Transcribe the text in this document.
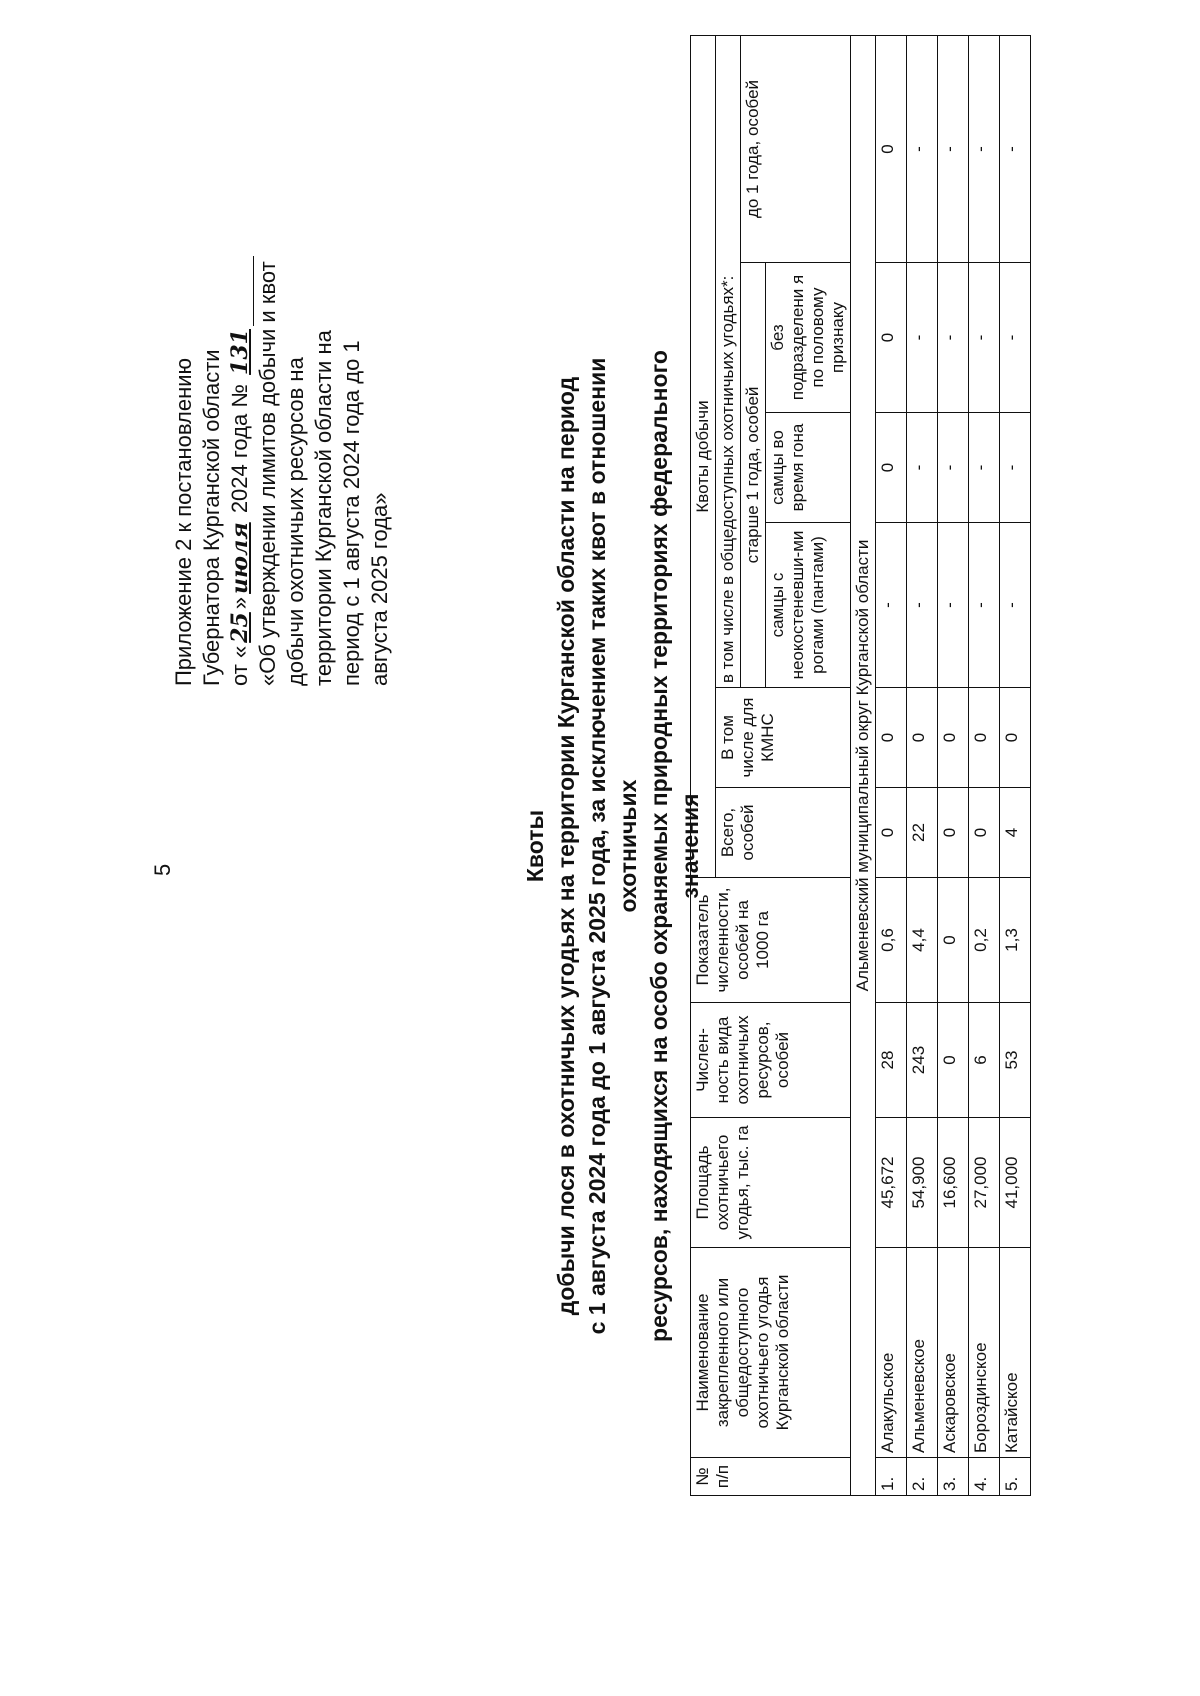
5
Приложение 2 к постановлению Губернатора Курганской области от «25»июля 2024 года № 131 «Об утверждении лимитов добычи и квот добычи охотничьих ресурсов на территории Курганской области на период с 1 августа 2024 года до 1 августа 2025 года»
Квоты добычи лося в охотничьих угодьях на территории Курганской области на период с 1 августа 2024 года до 1 августа 2025 года, за исключением таких квот в отношении охотничьих ресурсов, находящихся на особо охраняемых природных территориях федерального значения
№ п/п	Наименование закрепленного или общедоступного охотничьего угодья Курганской области	Площадь охотничьего угодья, тыс. га	Числен-ность вида охотничьих ресурсов, особей	Показатель численности, особей на 1000 га	Квоты добычи					
					Всего, особей	В том числе для КМНС	в том числе в общедоступных охотничьих угодьях*:			
							старше 1 года, особей			до 1 года, особей
							самцы с неокостеневши-ми рогами (пантами)	самцы во время гона	без подразделени я по половому признаку	
Альменевский муниципальный округ Курганской области										
1.	Алакульское	45,672	28	0,6	0	0	-	0	0	0
2.	Альменевское	54,900	243	4,4	22	0	-	-	-	-
3.	Аскаровское	16,600	0	0	0	0	-	-	-	-
4.	Бороздинское	27,000	6	0,2	0	0	-	-	-	-
5.	Катайское	41,000	53	1,3	4	0	-	-	-	-
